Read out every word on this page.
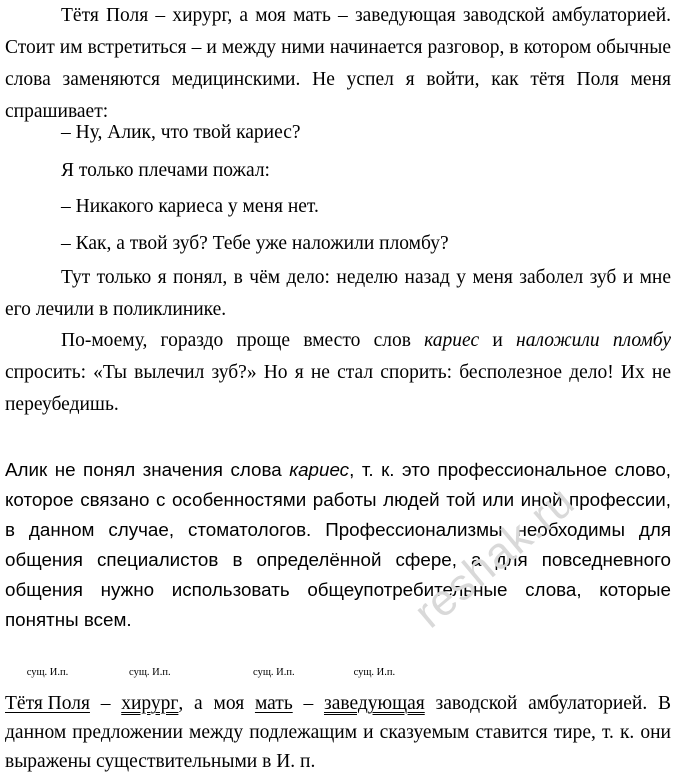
Тётя Поля – хирург, а моя мать – заведующая заводской амбулаторией. Стоит им встретиться – и между ними начинается разговор, в котором обычные слова заменяются медицинскими. Не успел я войти, как тётя Поля меня спрашивает:

– Ну, Алик, что твой кариес?

Я только плечами пожал:

– Никакого кариеса у меня нет.

– Как, а твой зуб? Тебе уже наложили пломбу?

Тут только я понял, в чём дело: неделю назад у меня заболел зуб и мне его лечили в поликлинике.

По-моему, гораздо проще вместо слов кариес и наложили пломбу спросить: «Ты вылечил зуб?» Но я не стал спорить: бесполезное дело! Их не переубедишь.

Алик не понял значения слова кариес, т. к. это профессиональное слово, которое связано с особенностями работы людей той или иной профессии, в данном случае, стоматологов. Профессионализмы необходимы для общения специалистов в определённой сфере, а для повседневного общения нужно использовать общеупотребительные слова, которые понятны всем.

сущ. И.п.
Тётя Поля –
сущ. И.п.
хирург, а моя
сущ. И.п.
мать –
сущ. И.п.
заведующая заводской амбулаторией. В данном предложении между подлежащим и сказуемым ставится тире, т. к. они выражены существительными в И. п.

reshak.ru
